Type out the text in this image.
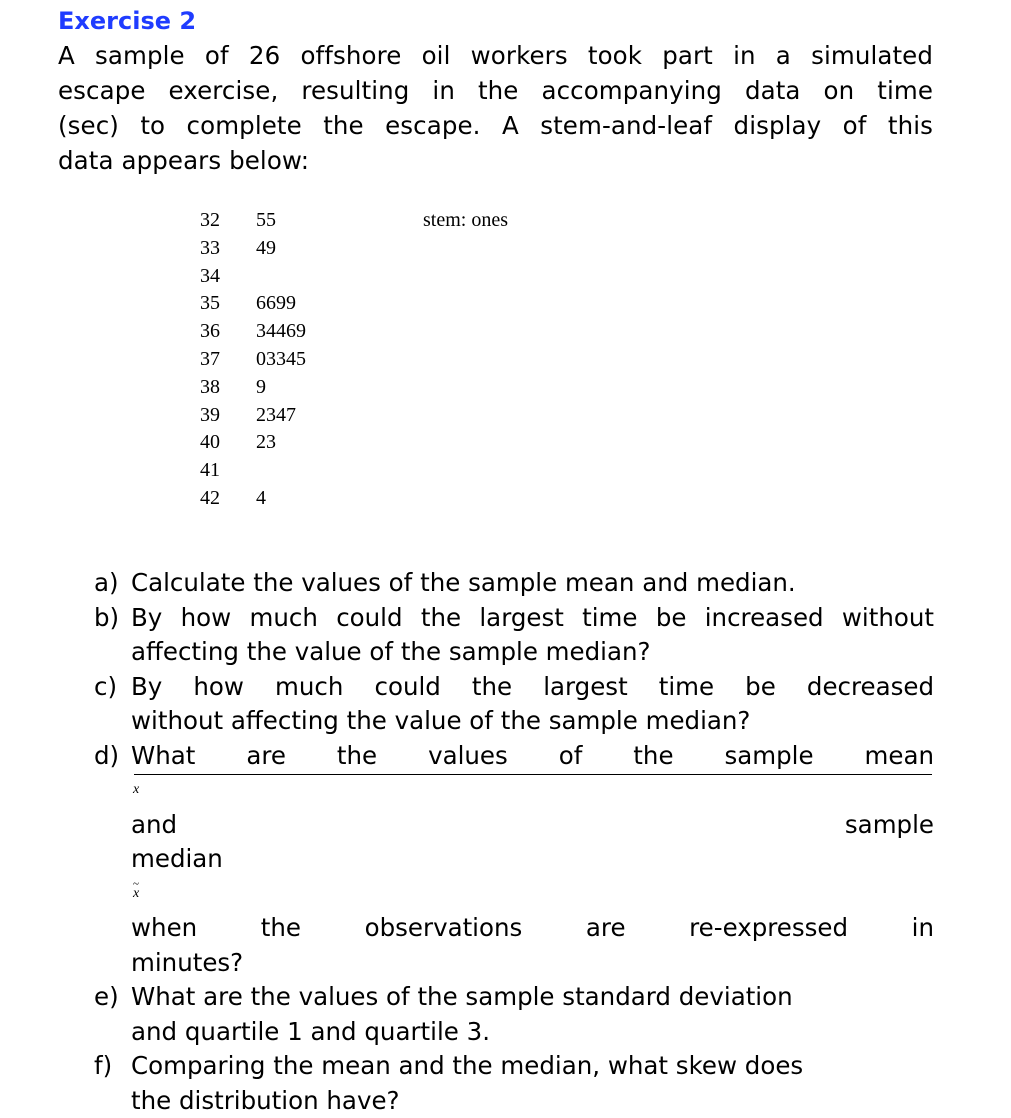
Exercise 2

A sample of 26 offshore oil workers took part in a simulated
escape exercise, resulting in the accompanying data on time
(sec) to complete the escape. A stem-and-leaf display of this
data appears below:

32	55
33	49
34
35	6699
36	34469
37	03345
38	9
39	2347
40	23
41
42	4
stem: ones
a) Calculate the values of the sample mean and median.
b) By how much could the largest time be increased without
affecting the value of the sample median?
c) By how much could the largest time be decreased
without affecting the value of the sample median?
d) What are the values of the sample mean
x
and sample
median
~ x
when the observations are re-expressed in
minutes?
e) What are the values of the sample standard deviation
and quartile 1 and quartile 3.
f) Comparing the mean and the median, what skew does
the distribution have?
